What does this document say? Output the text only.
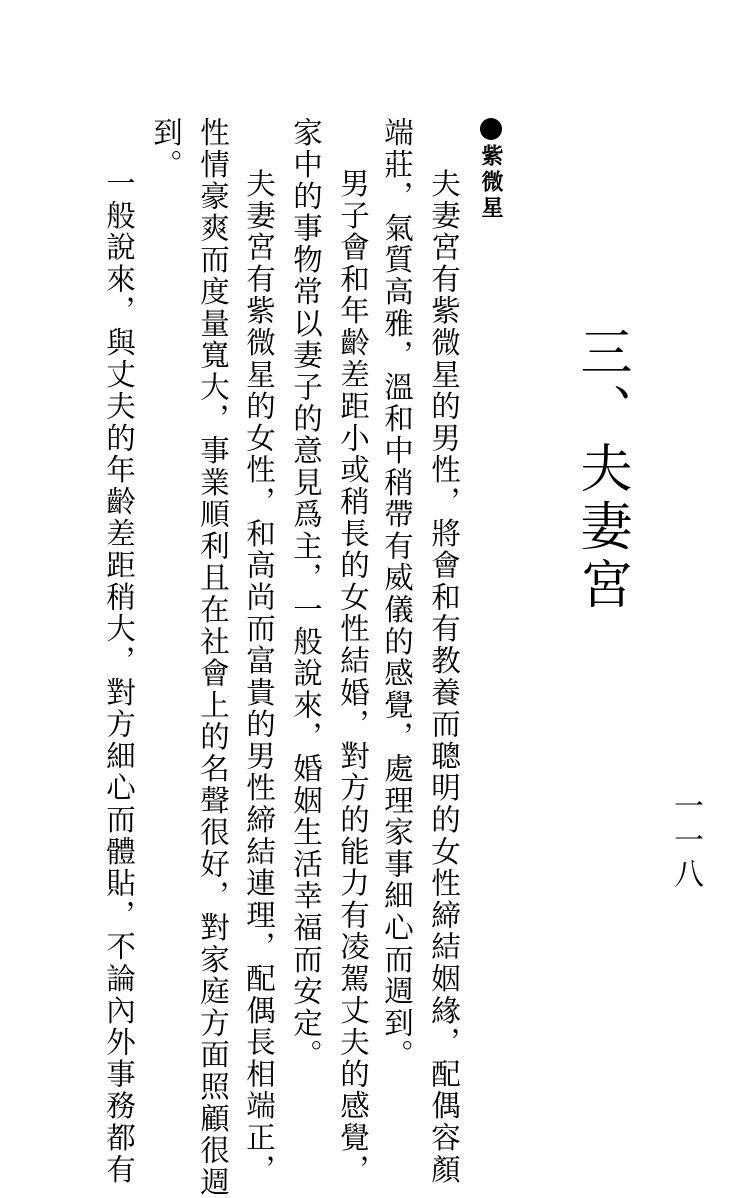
三、夫妻宮
一一八
紫微星
夫妻宮有紫微星的男性，將會和有教養而聰明的女性締結姻緣，配偶容顏
端莊，氣質高雅，溫和中稍帶有威儀的感覺，處理家事細心而週到。
男子會和年齡差距小或稍長的女性結婚，對方的能力有凌駕丈夫的感覺，
家中的事物常以妻子的意見爲主，一般說來，婚姻生活幸福而安定。
夫妻宮有紫微星的女性，和高尚而富貴的男性締結連理，配偶長相端正，
性情豪爽而度量寬大，事業順利且在社會上的名聲很好，對家庭方面照顧很週
到。
一般說來，與丈夫的年齡差距稍大，對方細心而體貼，不論內外事務都有
